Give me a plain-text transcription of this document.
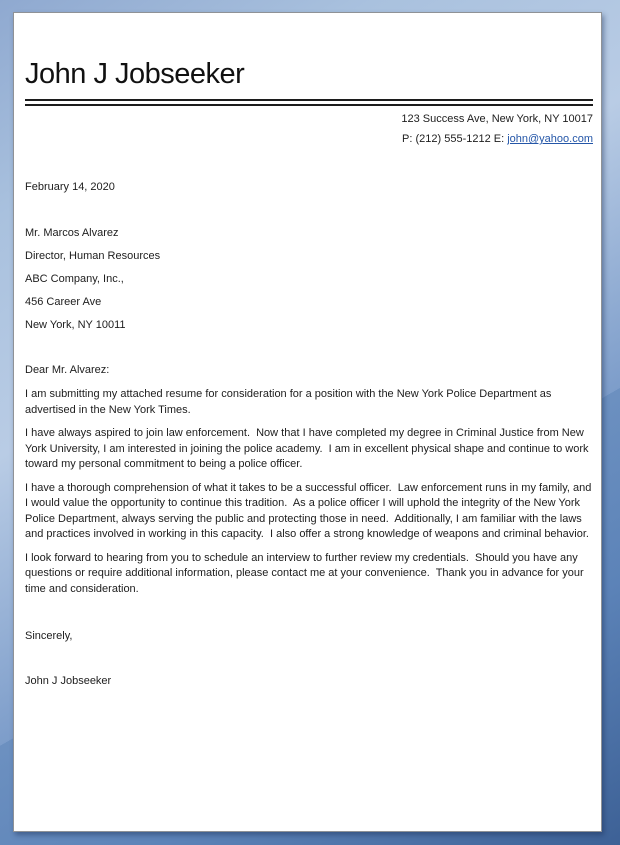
John J Jobseeker
123 Success Ave, New York, NY 10017
P: (212) 555-1212 E: john@yahoo.com

February 14, 2020

Mr. Marcos Alvarez

Director, Human Resources

ABC Company, Inc.,

456 Career Ave

New York, NY 10011

Dear Mr. Alvarez:

I am submitting my attached resume for consideration for a position with the New York Police Department as advertised in the New York Times.

I have always aspired to join law enforcement.  Now that I have completed my degree in Criminal Justice from New York University, I am interested in joining the police academy.  I am in excellent physical shape and continue to work toward my personal commitment to being a police officer.

I have a thorough comprehension of what it takes to be a successful officer.  Law enforcement runs in my family, and I would value the opportunity to continue this tradition.  As a police officer I will uphold the integrity of the New York Police Department, always serving the public and protecting those in need.  Additionally, I am familiar with the laws and practices involved in working in this capacity.  I also offer a strong knowledge of weapons and criminal behavior.

I look forward to hearing from you to schedule an interview to further review my credentials.  Should you have any questions or require additional information, please contact me at your convenience.  Thank you in advance for your time and consideration.

Sincerely,

John J Jobseeker
